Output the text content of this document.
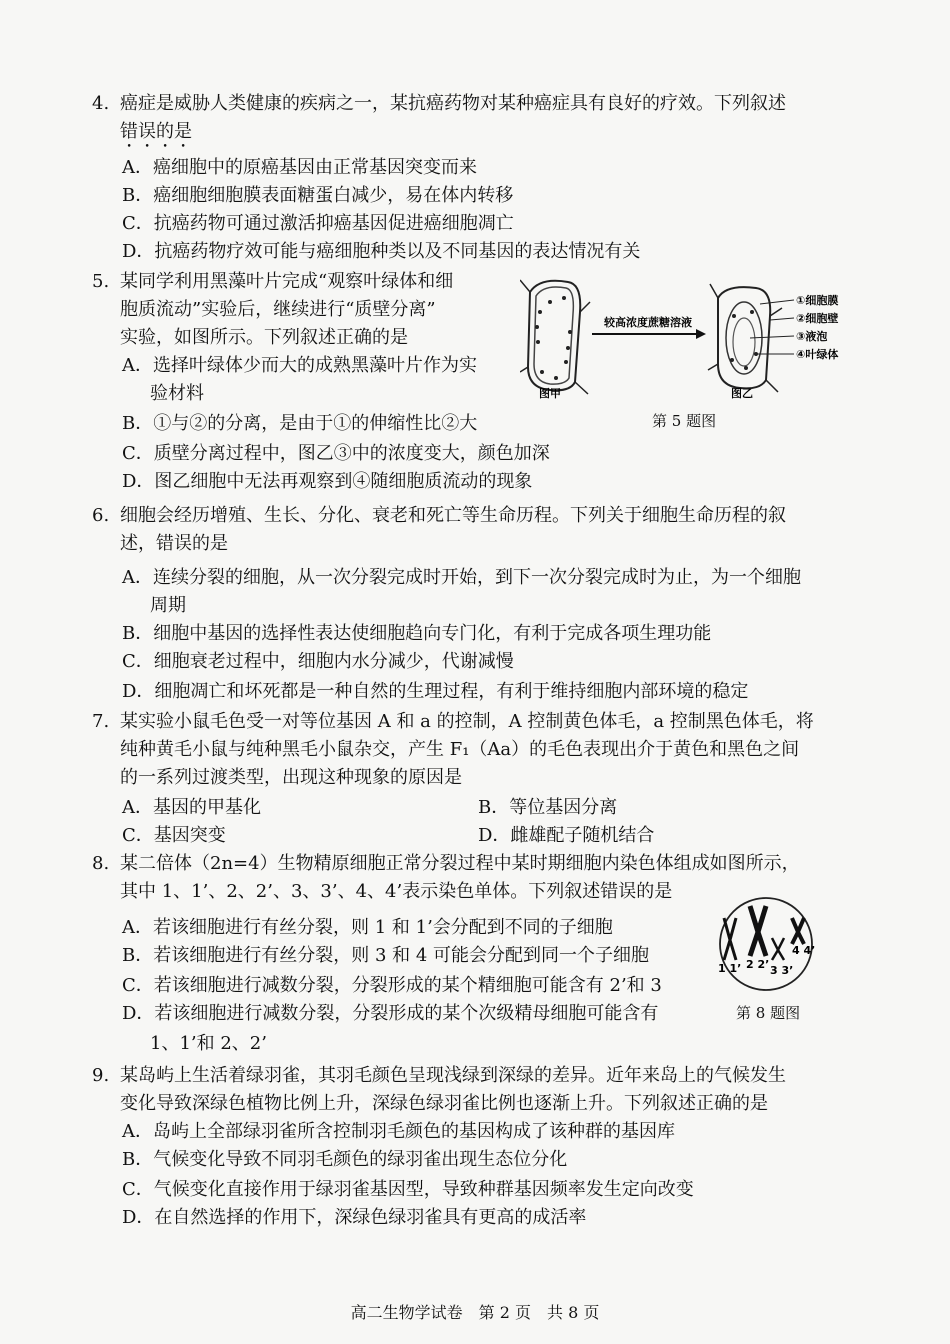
4. 癌症是威胁人类健康的疾病之一，某抗癌药物对某种癌症具有良好的疗效。下列叙述
错误的是
A．癌细胞中的原癌基因由正常基因突变而来
B．癌细胞细胞膜表面糖蛋白减少，易在体内转移
C．抗癌药物可通过激活抑癌基因促进癌细胞凋亡
D．抗癌药物疗效可能与癌细胞种类以及不同基因的表达情况有关
5. 某同学利用黑藻叶片完成“观察叶绿体和细
胞质流动”实验后，继续进行“质壁分离”
实验，如图所示。下列叙述正确的是
A．选择叶绿体少而大的成熟黑藻叶片作为实
验材料
B．①与②的分离，是由于①的伸缩性比②大
C．质壁分离过程中，图乙③中的浓度变大，颜色加深
D．图乙细胞中无法再观察到④随细胞质流动的现象
图甲
较高浓度蔗糖溶液
①细胞膜
②细胞壁
③液泡
④叶绿体
图乙
第 5 题图
6. 细胞会经历增殖、生长、分化、衰老和死亡等生命历程。下列关于细胞生命历程的叙
述，错误的是
A．连续分裂的细胞，从一次分裂完成时开始，到下一次分裂完成时为止，为一个细胞
周期
B．细胞中基因的选择性表达使细胞趋向专门化，有利于完成各项生理功能
C．细胞衰老过程中，细胞内水分减少，代谢减慢
D．细胞凋亡和坏死都是一种自然的生理过程，有利于维持细胞内部环境的稳定
7. 某实验小鼠毛色受一对等位基因 A 和 a 的控制，A 控制黄色体毛，a 控制黑色体毛，将
纯种黄毛小鼠与纯种黑毛小鼠杂交，产生 F₁（Aa）的毛色表现出介于黄色和黑色之间
的一系列过渡类型，出现这种现象的原因是
A．基因的甲基化	B．等位基因分离
C．基因突变	D．雌雄配子随机结合
8. 某二倍体（2n=4）生物精原细胞正常分裂过程中某时期细胞内染色体组成如图所示，
其中 1、1’、2、2’、3、3’、4、4’表示染色单体。下列叙述错误的是
A．若该细胞进行有丝分裂，则 1 和 1’会分配到不同的子细胞
B．若该细胞进行有丝分裂，则 3 和 4 可能会分配到同一个子细胞
C．若该细胞进行减数分裂，分裂形成的某个精细胞可能含有 2’和 3
D．若该细胞进行减数分裂，分裂形成的某个次级精母细胞可能含有
1、1’和 2、2’
1 1’ 2 2’ 3 3’
4 4’
第 8 题图
9. 某岛屿上生活着绿羽雀，其羽毛颜色呈现浅绿到深绿的差异。近年来岛上的气候发生
变化导致深绿色植物比例上升，深绿色绿羽雀比例也逐渐上升。下列叙述正确的是
A．岛屿上全部绿羽雀所含控制羽毛颜色的基因构成了该种群的基因库
B．气候变化导致不同羽毛颜色的绿羽雀出现生态位分化
C．气候变化直接作用于绿羽雀基因型，导致种群基因频率发生定向改变
D．在自然选择的作用下，深绿色绿羽雀具有更高的成活率
高二生物学试卷　第 2 页　共 8 页
